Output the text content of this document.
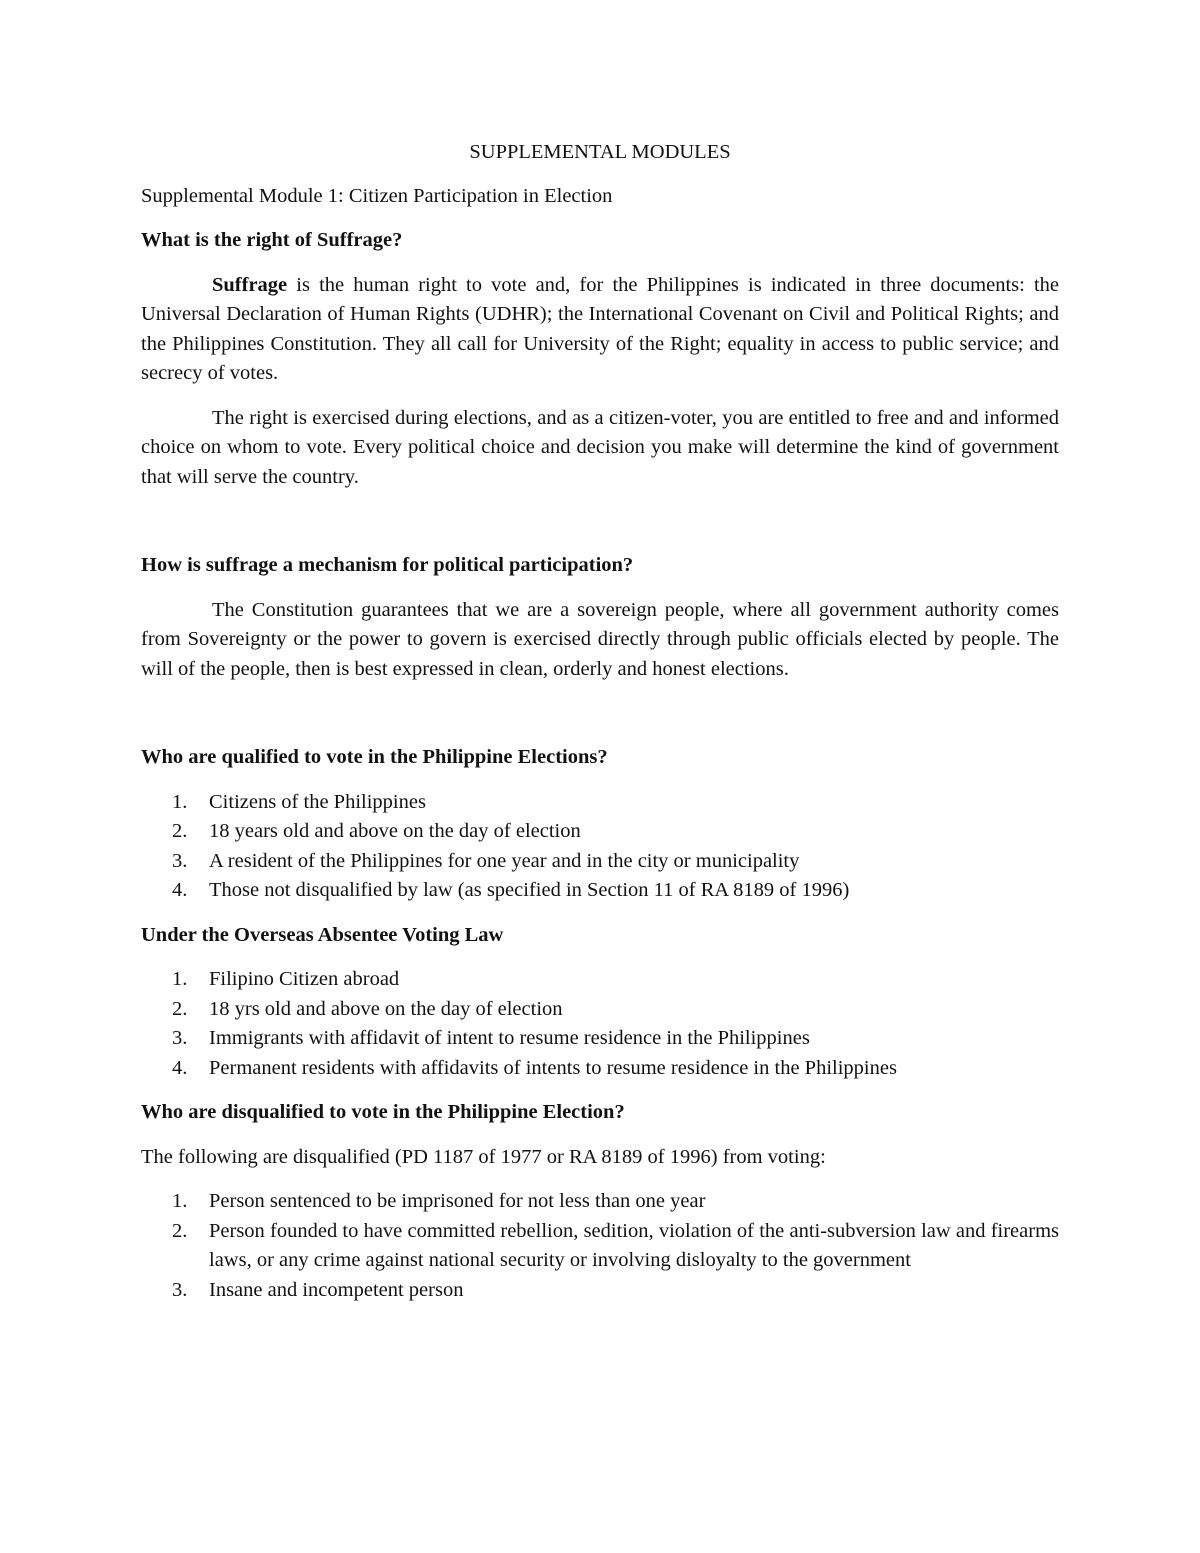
SUPPLEMENTAL MODULES
Supplemental Module 1: Citizen Participation in Election
What is the right of Suffrage?

Suffrage is the human right to vote and, for the Philippines is indicated in three documents: the Universal Declaration of Human Rights (UDHR); the International Covenant on Civil and Political Rights; and the Philippines Constitution. They all call for University of the Right; equality in access to public service; and secrecy of votes.

The right is exercised during elections, and as a citizen-voter, you are entitled to free and and informed choice on whom to vote. Every political choice and decision you make will determine the kind of government that will serve the country.

How is suffrage a mechanism for political participation?

The Constitution guarantees that we are a sovereign people, where all government authority comes from Sovereignty or the power to govern is exercised directly through public officials elected by people. The will of the people, then is best expressed in clean, orderly and honest elections.

Who are qualified to vote in the Philippine Elections?
1. Citizens of the Philippines
2. 18 years old and above on the day of election
3. A resident of the Philippines for one year and in the city or municipality
4. Those not disqualified by law (as specified in Section 11 of RA 8189 of 1996)
Under the Overseas Absentee Voting Law
1. Filipino Citizen abroad
2. 18 yrs old and above on the day of election
3. Immigrants with affidavit of intent to resume residence in the Philippines
4. Permanent residents with affidavits of intents to resume residence in the Philippines
Who are disqualified to vote in the Philippine Election?
The following are disqualified (PD 1187 of 1977 or RA 8189 of 1996) from voting:
1. Person sentenced to be imprisoned for not less than one year
2. Person founded to have committed rebellion, sedition, violation of the anti-subversion law and firearms laws, or any crime against national security or involving disloyalty to the government
3. Insane and incompetent person
